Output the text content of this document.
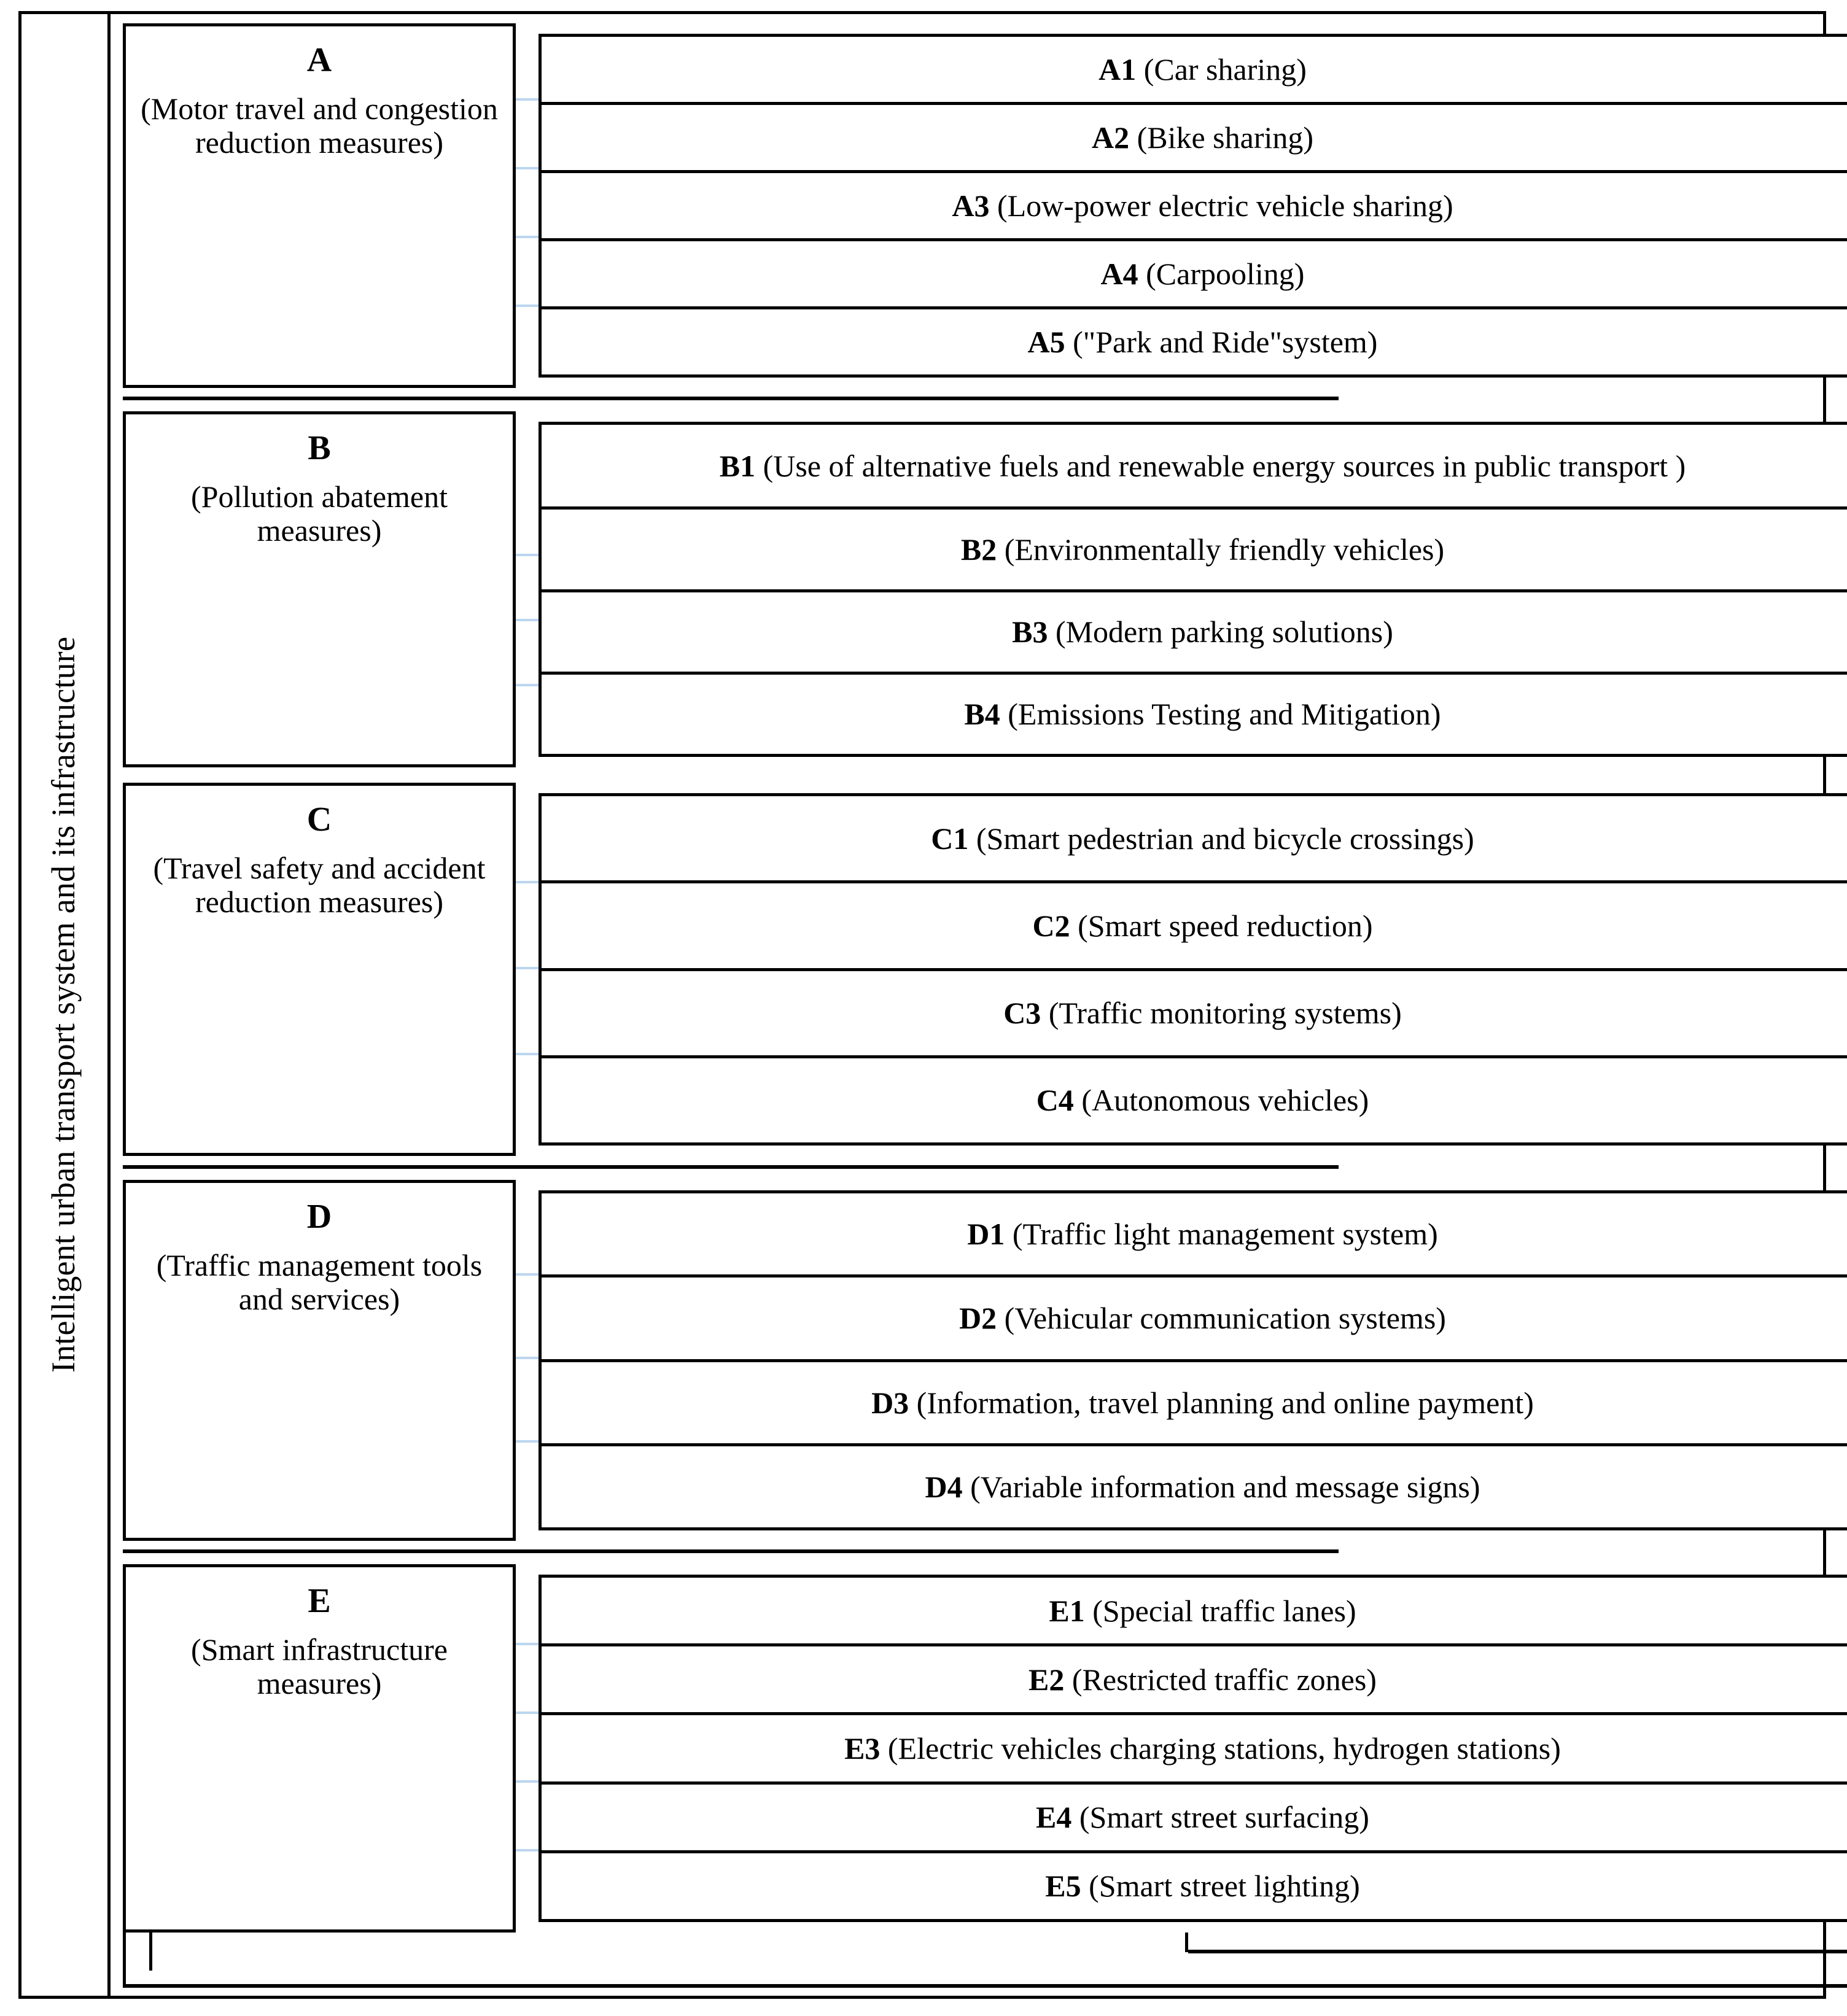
Intelligent urban transport system and its infrastructure
A
(Motor travel and congestion reduction measures)
A1 (Car sharing)
A2 (Bike sharing)
A3 (Low-power electric vehicle sharing)
A4 (Carpooling)
A5 ("Park and Ride"system)
B
(Pollution abatement measures)
B1 (Use of alternative fuels and renewable energy sources in public transport )
B2 (Environmentally friendly vehicles)
B3 (Modern parking solutions)
B4 (Emissions Testing and Mitigation)
C
(Travel safety and accident reduction measures)
C1 (Smart pedestrian and bicycle crossings)
C2 (Smart speed reduction)
C3 (Traffic monitoring systems)
C4 (Autonomous vehicles)
D
(Traffic management tools and services)
D1 (Traffic light management system)
D2 (Vehicular communication systems)
D3 (Information, travel planning and online payment)
D4 (Variable information and message signs)
E
(Smart infrastructure measures)
E1 (Special traffic lanes)
E2 (Restricted traffic zones)
E3 (Electric vehicles charging stations, hydrogen stations)
E4 (Smart street surfacing)
E5 (Smart street lighting)
